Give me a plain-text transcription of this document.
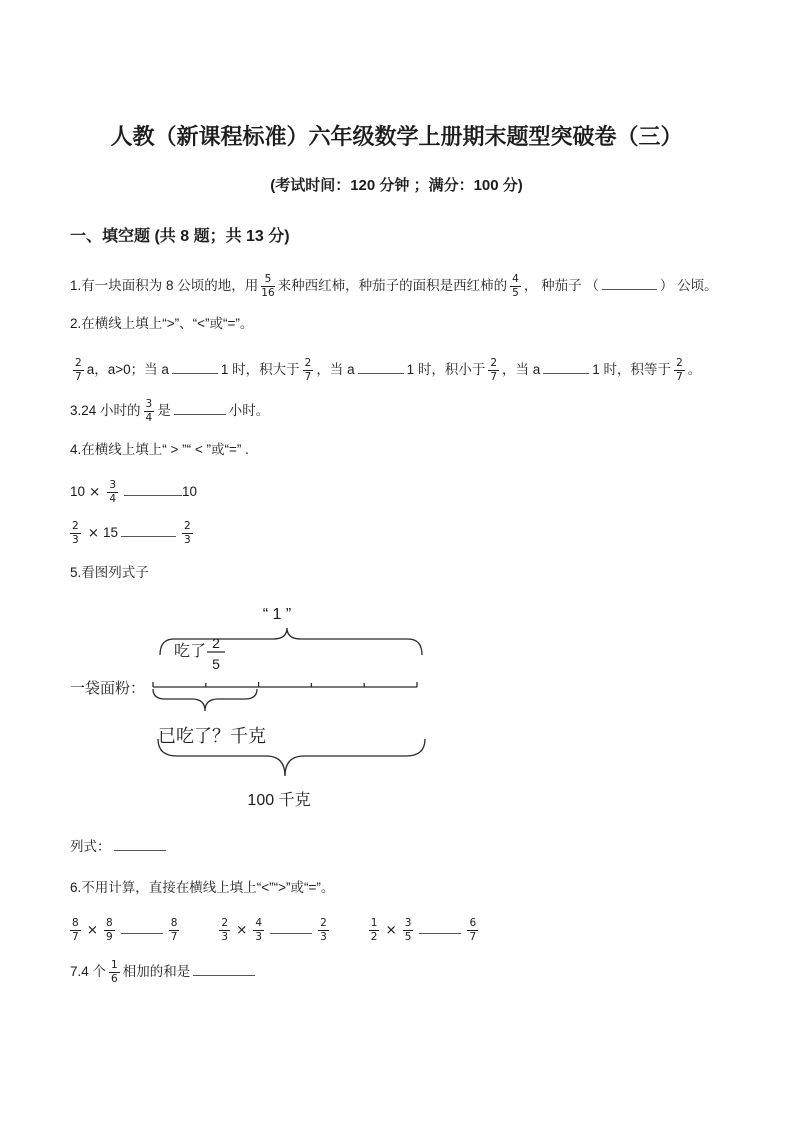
人教（新课程标准）六年级数学上册期末题型突破卷（三）
(考试时间：120 分钟 ；满分：100 分)
一、填空题 (共 8 题；共 13 分)
1.有一块面积为 8 公顷的地，用 $\frac{5}{16}$ 来种西红柿，种茄子的面积是西红柿的 $\frac{4}{5}$ ， 种茄子 （	） 公顷。
2.在横线上填上“>”、“<”或“=”。
$\frac{2}{7}$ a，a>0；当 a	1 时，积大于 $\frac{2}{7}$ ，当 a	1 时，积小于 $\frac{2}{7}$ ，当 a	1 时，积等于 $\frac{2}{7}$ 。
3.24 小时的 $\frac{3}{4}$ 是	小时。
4.在横线上填上“ > ”“ < ”或“=” .
$10 \times \frac{3}{4}$	10
$\frac{2}{3} \times 15$	$\frac{2}{3}$
5.看图列式子
“ 1 ”
吃了 2
5
一袋面粉：
已吃了？千克
100 千克
列式：
6.不用计算，直接在横线上填上“<”“>”或“=”。
$\frac{8}{7} \times \frac{8}{9}$	$\frac{8}{7}$	$\frac{2}{3} \times \frac{4}{3}$	$\frac{2}{3}$	$\frac{1}{2} \times \frac{3}{5}$	$\frac{6}{7}$
7.4 个 $\frac{1}{6}$ 相加的和是
